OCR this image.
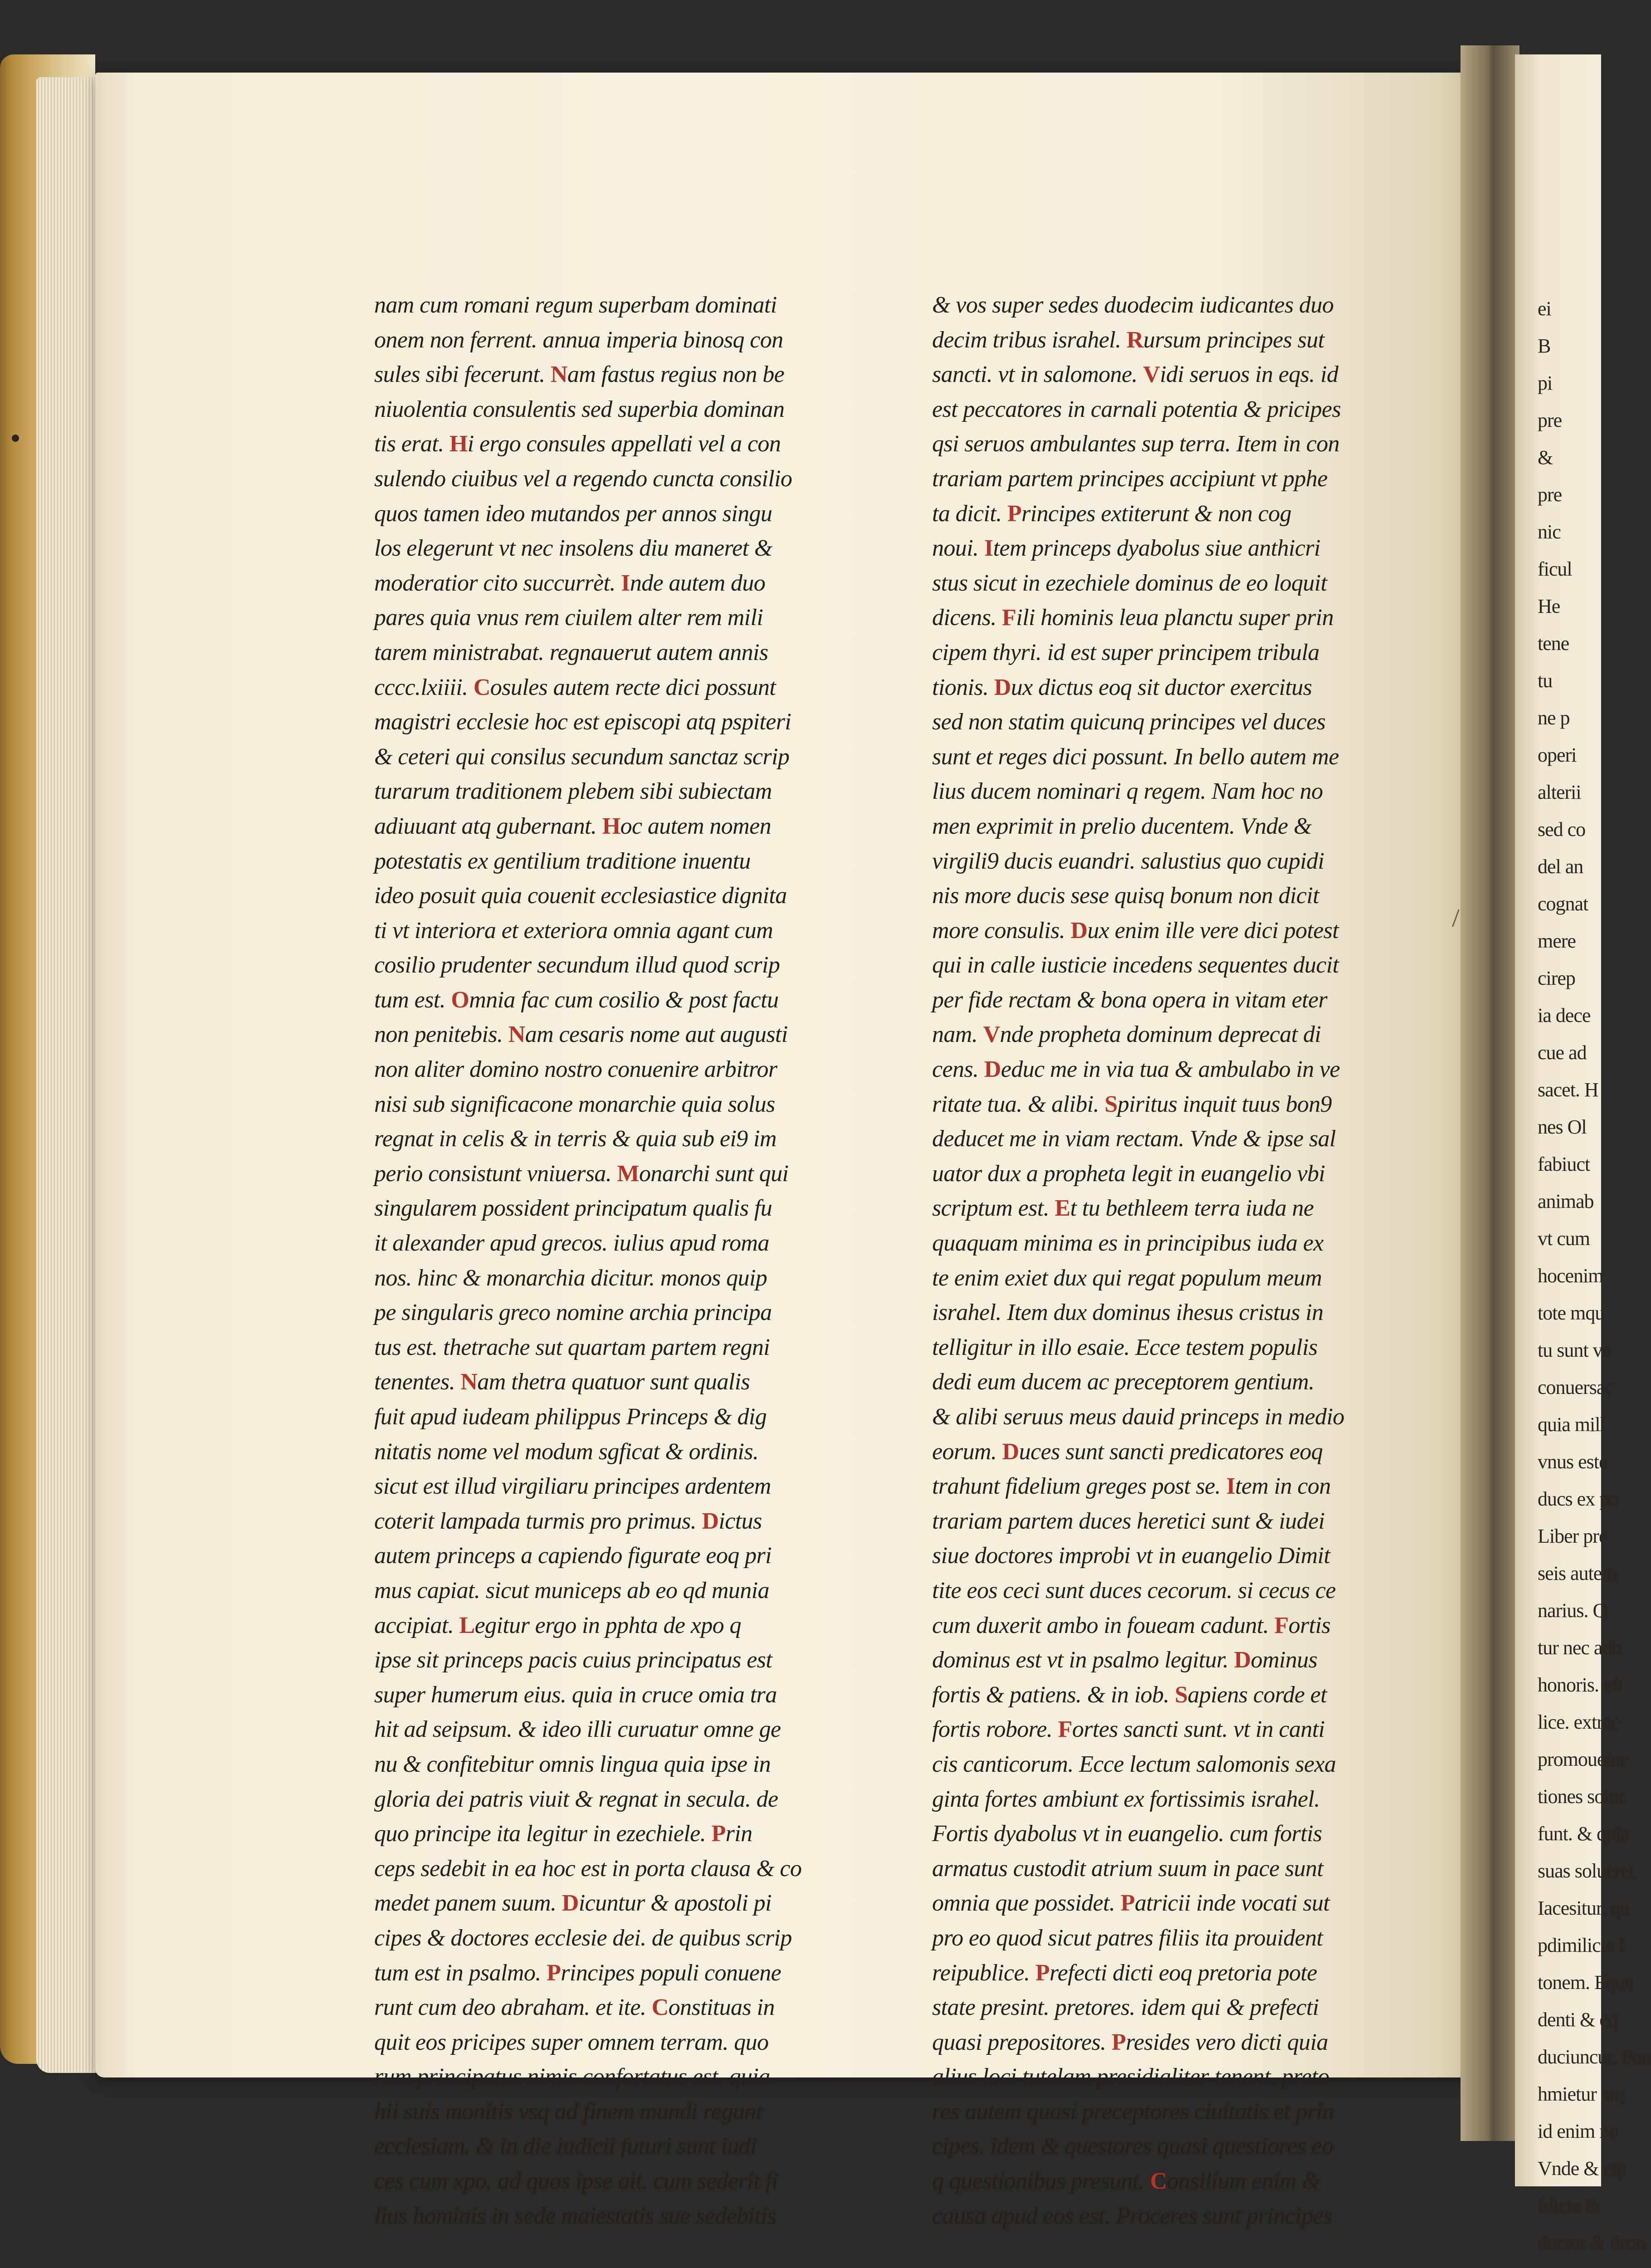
nam cum romani regum superbam dominati
onem non ferrent. annua imperia binosq con
sules sibi fecerunt. Nam fastus regius non be
niuolentia consulentis sed superbia dominan
tis erat. Hi ergo consules appellati vel a con
sulendo ciuibus vel a regendo cuncta consilio
quos tamen ideo mutandos per annos singu
los elegerunt vt nec insolens diu maneret &
moderatior cito succurrèt. Inde autem duo
pares quia vnus rem ciuilem alter rem mili
tarem ministrabat. regnauerut autem annis
cccc.lxiiii. Cosules autem recte dici possunt
magistri ecclesie hoc est episcopi atq pspiteri
& ceteri qui consilus secundum sanctaz scrip
turarum traditionem plebem sibi subiectam
adiuuant atq gubernant. Hoc autem nomen
potestatis ex gentilium traditione inuentu
ideo posuit quia couenit ecclesiastice dignita
ti vt interiora et exteriora omnia agant cum
cosilio prudenter secundum illud quod scrip
tum est. Omnia fac cum cosilio & post factu
non penitebis. Nam cesaris nome aut augusti
non aliter domino nostro conuenire arbitror
nisi sub significacone monarchie quia solus
regnat in celis & in terris & quia sub ei9 im
perio consistunt vniuersa. Monarchi sunt qui
singularem possident principatum qualis fu
it alexander apud grecos. iulius apud roma
nos. hinc & monarchia dicitur. monos quip
pe singularis greco nomine archia principa
tus est. thetrache sut quartam partem regni
tenentes. Nam thetra quatuor sunt qualis
fuit apud iudeam philippus Princeps & dig
nitatis nome vel modum sgficat & ordinis.
sicut est illud virgiliaru principes ardentem
coterit lampada turmis pro primus. Dictus
autem princeps a capiendo figurate eoq pri
mus capiat. sicut municeps ab eo qd munia
accipiat. Legitur ergo in pphta de xpo q
ipse sit princeps pacis cuius principatus est
super humerum eius. quia in cruce omia tra
hit ad seipsum. & ideo illi curuatur omne ge
nu & confitebitur omnis lingua quia ipse in
gloria dei patris viuit & regnat in secula. de
quo principe ita legitur in ezechiele. Prin
ceps sedebit in ea hoc est in porta clausa & co
medet panem suum. Dicuntur & apostoli pi
cipes & doctores ecclesie dei. de quibus scrip
tum est in psalmo. Principes populi conuene
runt cum deo abraham. et ite. Constituas in
quit eos pricipes super omnem terram. quo
rum principatus nimis confortatus est. quia
hii suis monitis vsq ad finem mundi regunt
ecclesiam. & in die iudicii futuri sunt iudi
ces cum xpo. ad quos ipse ait. cum sederit fi
lius hominis in sede maiestatis sue sedebitis
& vos super sedes duodecim iudicantes duo
decim tribus israhel. Rursum principes sut
sancti. vt in salomone. Vidi seruos in eqs. id
est peccatores in carnali potentia & pricipes
qsi seruos ambulantes sup terra. Item in con
trariam partem principes accipiunt vt pphe
ta dicit. Principes extiterunt & non cog
noui. Item princeps dyabolus siue anthicri
stus sicut in ezechiele dominus de eo loquit
dicens. Fili hominis leua planctu super prin
cipem thyri. id est super principem tribula
tionis. Dux dictus eoq sit ductor exercitus
sed non statim quicunq principes vel duces
sunt et reges dici possunt. In bello autem me
lius ducem nominari q regem. Nam hoc no
men exprimit in prelio ducentem. Vnde &
virgili9 ducis euandri. salustius quo cupidi
nis more ducis sese quisq bonum non dicit
more consulis. Dux enim ille vere dici potest
qui in calle iusticie incedens sequentes ducit
per fide rectam & bona opera in vitam eter
nam. Vnde propheta dominum deprecat di
cens. Deduc me in via tua & ambulabo in ve
ritate tua. & alibi. Spiritus inquit tuus bon9
deducet me in viam rectam. Vnde & ipse sal
uator dux a propheta legit in euangelio vbi
scriptum est. Et tu bethleem terra iuda ne
quaquam minima es in principibus iuda ex
te enim exiet dux qui regat populum meum
israhel. Item dux dominus ihesus cristus in
telligitur in illo esaie. Ecce testem populis
dedi eum ducem ac preceptorem gentium.
& alibi seruus meus dauid princeps in medio
eorum. Duces sunt sancti predicatores eoq
trahunt fidelium greges post se. Item in con
trariam partem duces heretici sunt & iudei
siue doctores improbi vt in euangelio Dimit
tite eos ceci sunt duces cecorum. si cecus ce
cum duxerit ambo in foueam cadunt. Fortis
dominus est vt in psalmo legitur. Dominus
fortis & patiens. & in iob. Sapiens corde et
fortis robore. Fortes sancti sunt. vt in canti
cis canticorum. Ecce lectum salomonis sexa
ginta fortes ambiunt ex fortissimis israhel.
Fortis dyabolus vt in euangelio. cum fortis
armatus custodit atrium suum in pace sunt
omnia que possidet. Patricii inde vocati sut
pro eo quod sicut patres filiis ita prouident
reipublice. Prefecti dicti eoq pretoria pote
state presint. pretores. idem qui & prefecti
quasi prepositores. Presides vero dicti quia
alius loci tutelam presidialiter tenent. preto
res autem quasi preceptores ciuitatis et prin
cipes. idem & questores quasi questiores eo
q questionibus presunt. Consilium enim &
causa apud eos est. Proceres sunt principes
ei
B
pi
pre
&
pre
nic
ficul
He
tene
tu
ne p
operi
alterii
sed co
del an
cognat
mere
cirep
ia dece
cue ad
sacet. H
nes Ol
fabiuct
animab
vt cum
hocenim
tote mqu
tu sunt ve
conuersac
quia mill
vnus este
ducs ex po
Liber pre
seis autem
narius. Q
tur nec adh
honoris. eft
lice. extrac
promouetur
tiones solut
funt. & quia
suas solueret
Iacesitur. qu
pdimilicie I
tonem. Eque
denti & eq
duciuncur. Fon
hmietur atq
id enim no
Vnde & cip
fdicta &
ductor & tiron
